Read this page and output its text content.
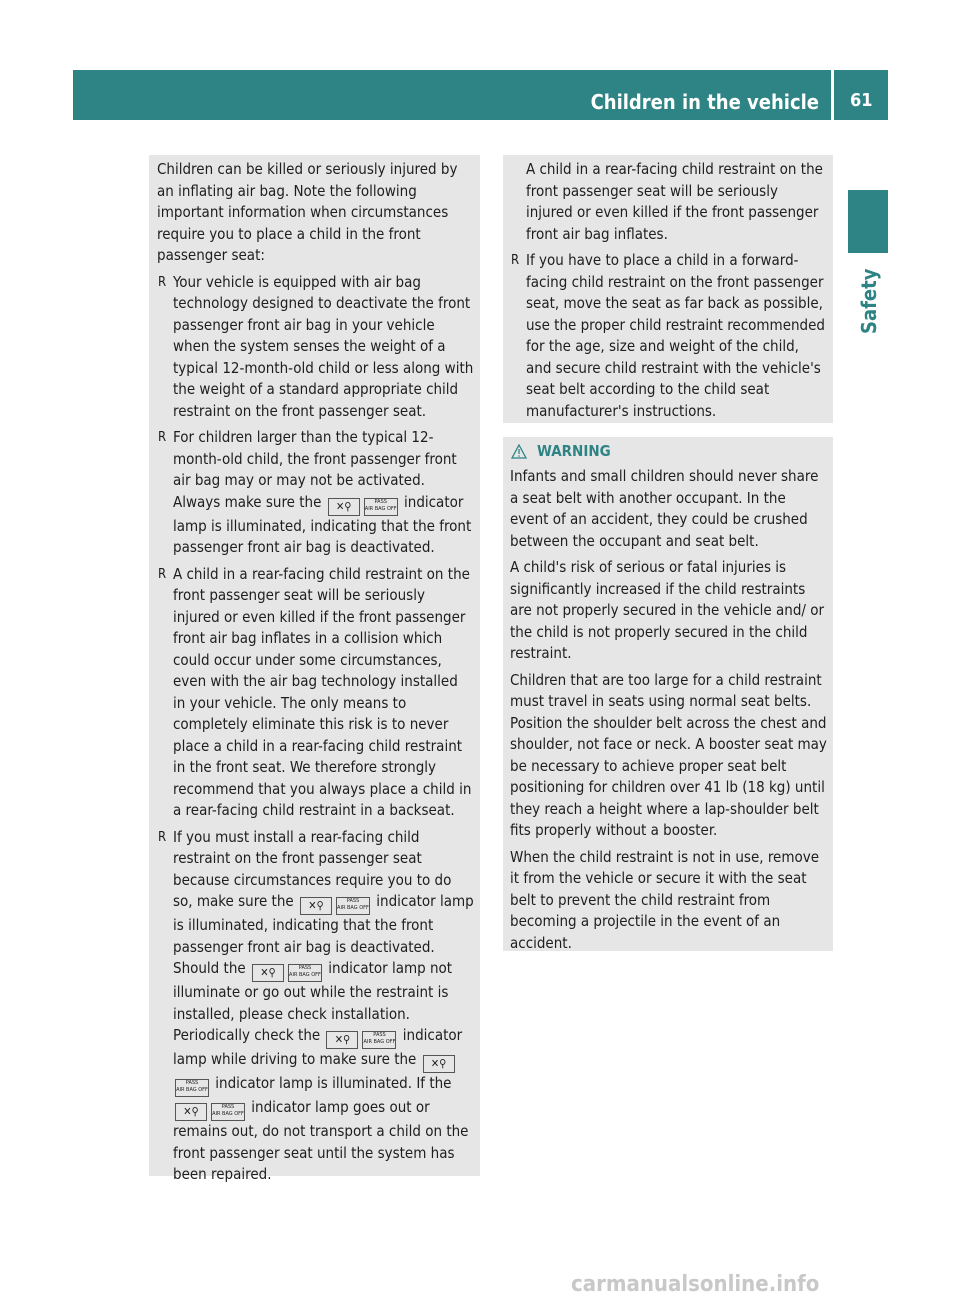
Children in the vehicle 61
Safety

Children can be killed or seriously injured by an inflating air bag. Note the following important information when circumstances require you to place a child in the front passenger seat:

R Your vehicle is equipped with air bag technology designed to deactivate the front passenger front air bag in your vehicle when the system senses the weight of a typical 12-month-old child or less along with the weight of a standard appropriate child restraint on the front passenger seat.
R For children larger than the typical 12-month-old child, the front passenger front air bag may or may not be activated. Always make sure the ✕⚲	PASS
AIR BAG OFF indicator lamp is illuminated, indicating that the front passenger front air bag is deactivated.
R A child in a rear-facing child restraint on the front passenger seat will be seriously injured or even killed if the front passenger front air bag inflates in a collision which could occur under some circumstances, even with the air bag technology installed in your vehicle. The only means to completely eliminate this risk is to never place a child in a rear-facing child restraint in the front seat. We therefore strongly recommend that you always place a child in a rear-facing child restraint in a backseat.
R If you must install a rear-facing child restraint on the front passenger seat because circumstances require you to do so, make sure the ✕⚲	PASS
AIR BAG OFF indicator lamp is illuminated, indicating that the front passenger front air bag is deactivated. Should the ✕⚲	PASS
AIR BAG OFF indicator lamp not illuminate or go out while the restraint is installed, please check installation. Periodically check the ✕⚲	PASS
AIR BAG OFF indicator lamp while driving to make sure the ✕⚲ PASS
AIR BAG OFF indicator lamp is illuminated. If the ✕⚲	PASS
AIR BAG OFF indicator lamp goes out or remains out, do not transport a child on the front passenger seat until the system has been repaired.
A child in a rear-facing child restraint on the front passenger seat will be seriously injured or even killed if the front passenger front air bag inflates.
R If you have to place a child in a forward-facing child restraint on the front passenger seat, move the seat as far back as possible, use the proper child restraint recommended for the age, size and weight of the child, and secure child restraint with the vehicle's seat belt according to the child seat manufacturer's instructions.
WARNING

Infants and small children should never share a seat belt with another occupant. In the event of an accident, they could be crushed between the occupant and seat belt.

A child's risk of serious or fatal injuries is significantly increased if the child restraints are not properly secured in the vehicle and/ or the child is not properly secured in the child restraint.

Children that are too large for a child restraint must travel in seats using normal seat belts. Position the shoulder belt across the chest and shoulder, not face or neck. A booster seat may be necessary to achieve proper seat belt positioning for children over 41 lb (18 kg) until they reach a height where a lap-shoulder belt fits properly without a booster.

When the child restraint is not in use, remove it from the vehicle or secure it with the seat belt to prevent the child restraint from becoming a projectile in the event of an accident.

carmanualsonline.info
